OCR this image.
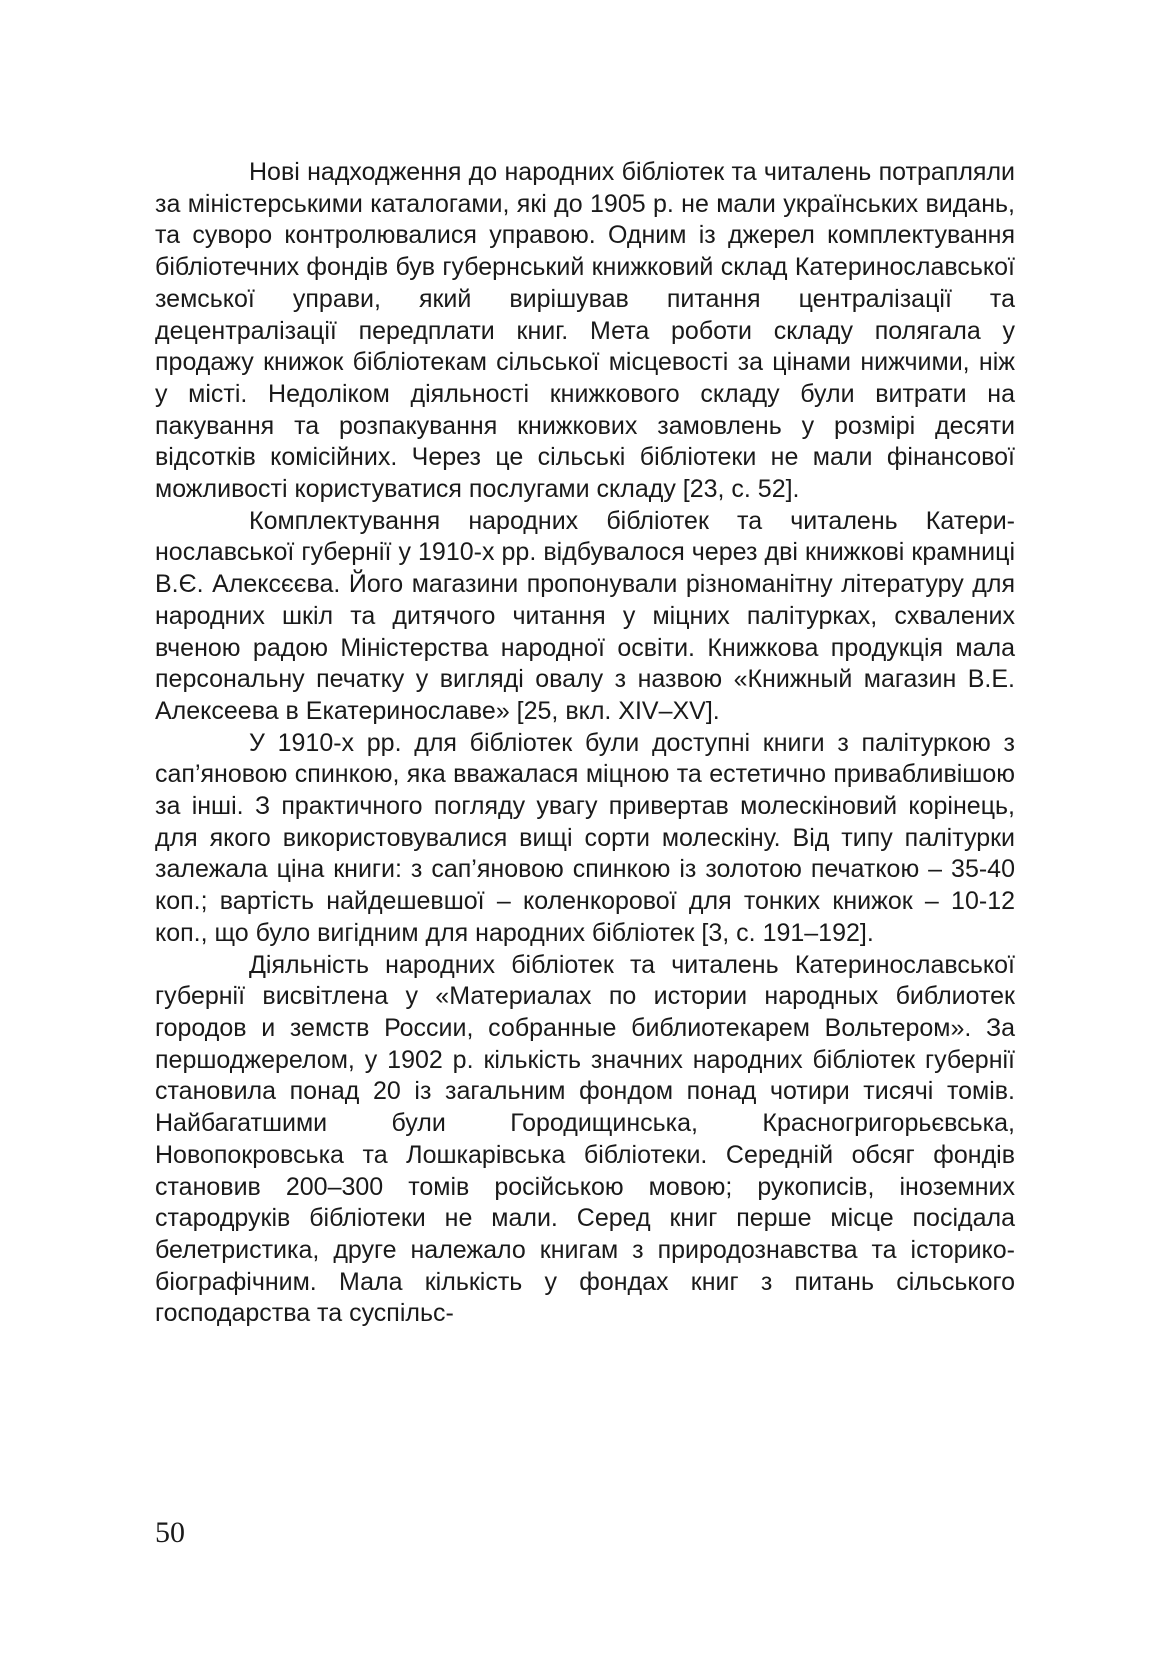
Нові надходження до народних бібліотек та читалень потрапляли за міністерськими каталогами, які до 1905 р. не мали українських видань, та суворо контролювалися управою. Одним із джерел комплектування бібліотечних фондів був губернський книжковий склад Катеринославської земської управи, який вирішував питання централізації та децентралізації передплати книг. Мета роботи складу полягала у продажу книжок бібліотекам сільської місцевості за цінами нижчими, ніж у місті. Недоліком діяльності книжкового складу були витрати на пакування та розпакування книжкових замовлень у розмірі десяти відсотків комісійних. Через це сільські бібліотеки не мали фінансової можливості користуватися послугами складу [23, с. 52].

Комплектування народних бібліотек та читалень Катеринославської губернії у 1910-х рр. відбувалося через дві книжкові крамниці В.Є. Алексєєва. Його магазини пропонували різноманітну літературу для народних шкіл та дитячого читання у міцних палітурках, схвалених вченою радою Міністерства народної освіти. Книжкова продукція мала персональну печатку у вигляді овалу з назвою «Книжный магазин В.Е. Алексеева в Екатеринославе» [25, вкл. XIV–XV].

У 1910-х рр. для бібліотек були доступні книги з палітуркою з сап’яновою спинкою, яка вважалася міцною та естетично привабливішою за інші. З практичного погляду увагу привертав молескіновий корінець, для якого використовувалися вищі сорти молескіну. Від типу палітурки залежала ціна книги: з сап’яновою спинкою із золотою печаткою – 35-40 коп.; вартість найдешевшої – коленкорової для тонких книжок – 10-12 коп., що було вигідним для народних бібліотек [3, с. 191–192].

Діяльність народних бібліотек та читалень Катеринославської губернії висвітлена у «Материалах по истории народных библиотек городов и земств России, собранные библиотекарем Вольтером». За першоджерелом, у 1902 р. кількість значних народних бібліотек губернії становила понад 20 із загальним фондом понад чотири тисячі томів. Найбагатшими були Городищинська, Красногригорьєвська, Новопокровська та Лошкарівська бібліотеки. Середній обсяг фондів становив 200–300 томів російською мовою; рукописів, іноземних стародруків бібліотеки не мали. Серед книг перше місце посідала белетристика, друге належало книгам з природознавства та історико-біографічним. Мала кількість у фондах книг з питань сільського господарства та суспільс-

50
